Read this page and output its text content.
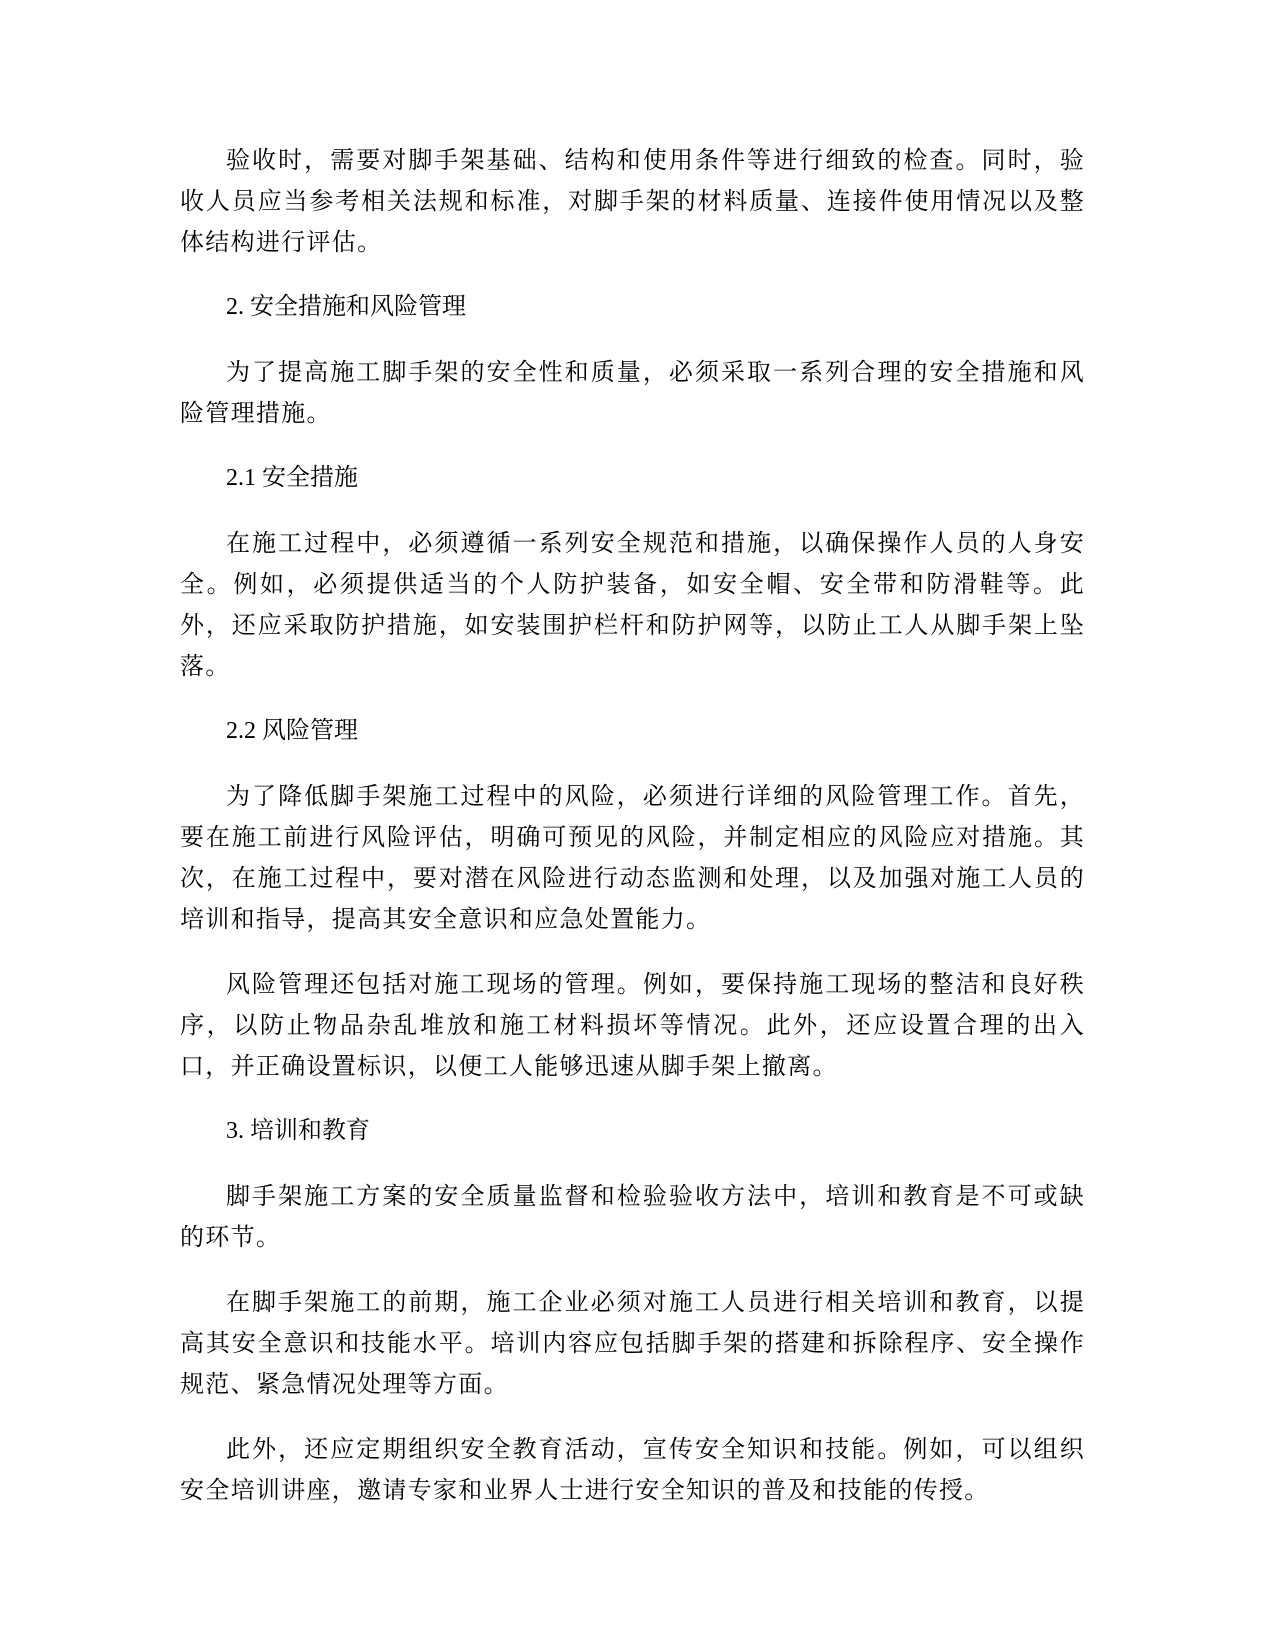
验收时，需要对脚手架基础、结构和使用条件等进行细致的检查。同时，验收人员应当参考相关法规和标准，对脚手架的材料质量、连接件使用情况以及整体结构进行评估。

2. 安全措施和风险管理

为了提高施工脚手架的安全性和质量，必须采取一系列合理的安全措施和风险管理措施。

2.1 安全措施

在施工过程中，必须遵循一系列安全规范和措施，以确保操作人员的人身安全。例如，必须提供适当的个人防护装备，如安全帽、安全带和防滑鞋等。此外，还应采取防护措施，如安装围护栏杆和防护网等，以防止工人从脚手架上坠落。

2.2 风险管理

为了降低脚手架施工过程中的风险，必须进行详细的风险管理工作。首先，要在施工前进行风险评估，明确可预见的风险，并制定相应的风险应对措施。其次，在施工过程中，要对潜在风险进行动态监测和处理，以及加强对施工人员的培训和指导，提高其安全意识和应急处置能力。

风险管理还包括对施工现场的管理。例如，要保持施工现场的整洁和良好秩序，以防止物品杂乱堆放和施工材料损坏等情况。此外，还应设置合理的出入口，并正确设置标识，以便工人能够迅速从脚手架上撤离。

3. 培训和教育

脚手架施工方案的安全质量监督和检验验收方法中，培训和教育是不可或缺的环节。

在脚手架施工的前期，施工企业必须对施工人员进行相关培训和教育，以提高其安全意识和技能水平。培训内容应包括脚手架的搭建和拆除程序、安全操作规范、紧急情况处理等方面。

此外，还应定期组织安全教育活动，宣传安全知识和技能。例如，可以组织安全培训讲座，邀请专家和业界人士进行安全知识的普及和技能的传授。
